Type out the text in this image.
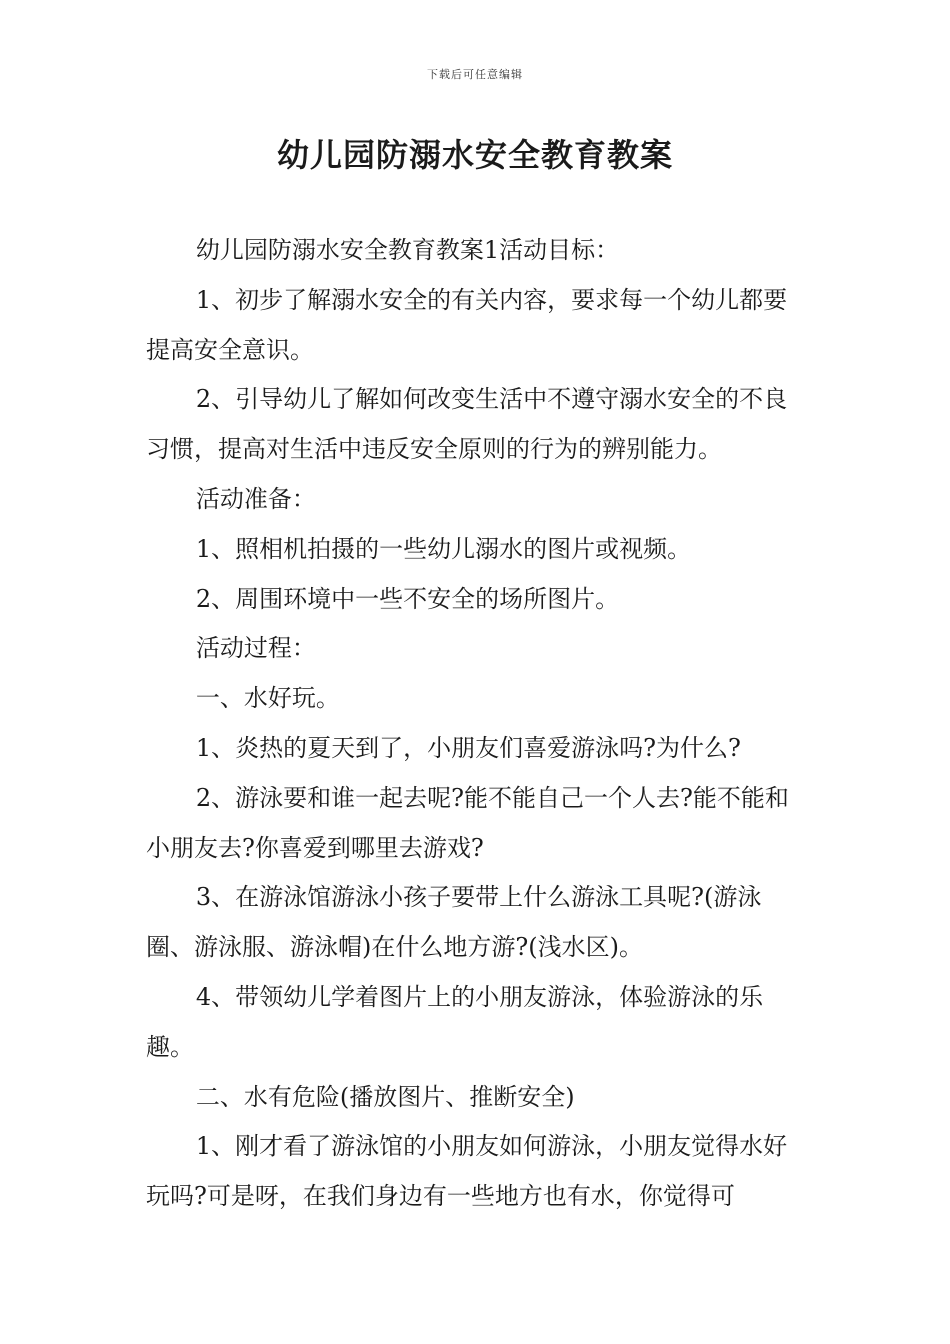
下载后可任意编辑
幼儿园防溺水安全教育教案

幼儿园防溺水安全教育教案1活动目标：

1、初步了解溺水安全的有关内容，要求每一个幼儿都要提高安全意识。

2、引导幼儿了解如何改变生活中不遵守溺水安全的不良习惯，提高对生活中违反安全原则的行为的辨别能力。

活动准备：

1、照相机拍摄的一些幼儿溺水的图片或视频。

2、周围环境中一些不安全的场所图片。

活动过程：

一、水好玩。

1、炎热的夏天到了，小朋友们喜爱游泳吗?为什么?

2、游泳要和谁一起去呢?能不能自己一个人去?能不能和小朋友去?你喜爱到哪里去游戏?

3、在游泳馆游泳小孩子要带上什么游泳工具呢?(游泳圈、游泳服、游泳帽)在什么地方游?(浅水区)。

4、带领幼儿学着图片上的小朋友游泳，体验游泳的乐趣。

二、水有危险(播放图片、推断安全)

1、刚才看了游泳馆的小朋友如何游泳，小朋友觉得水好玩吗?可是呀，在我们身边有一些地方也有水，你觉得可
